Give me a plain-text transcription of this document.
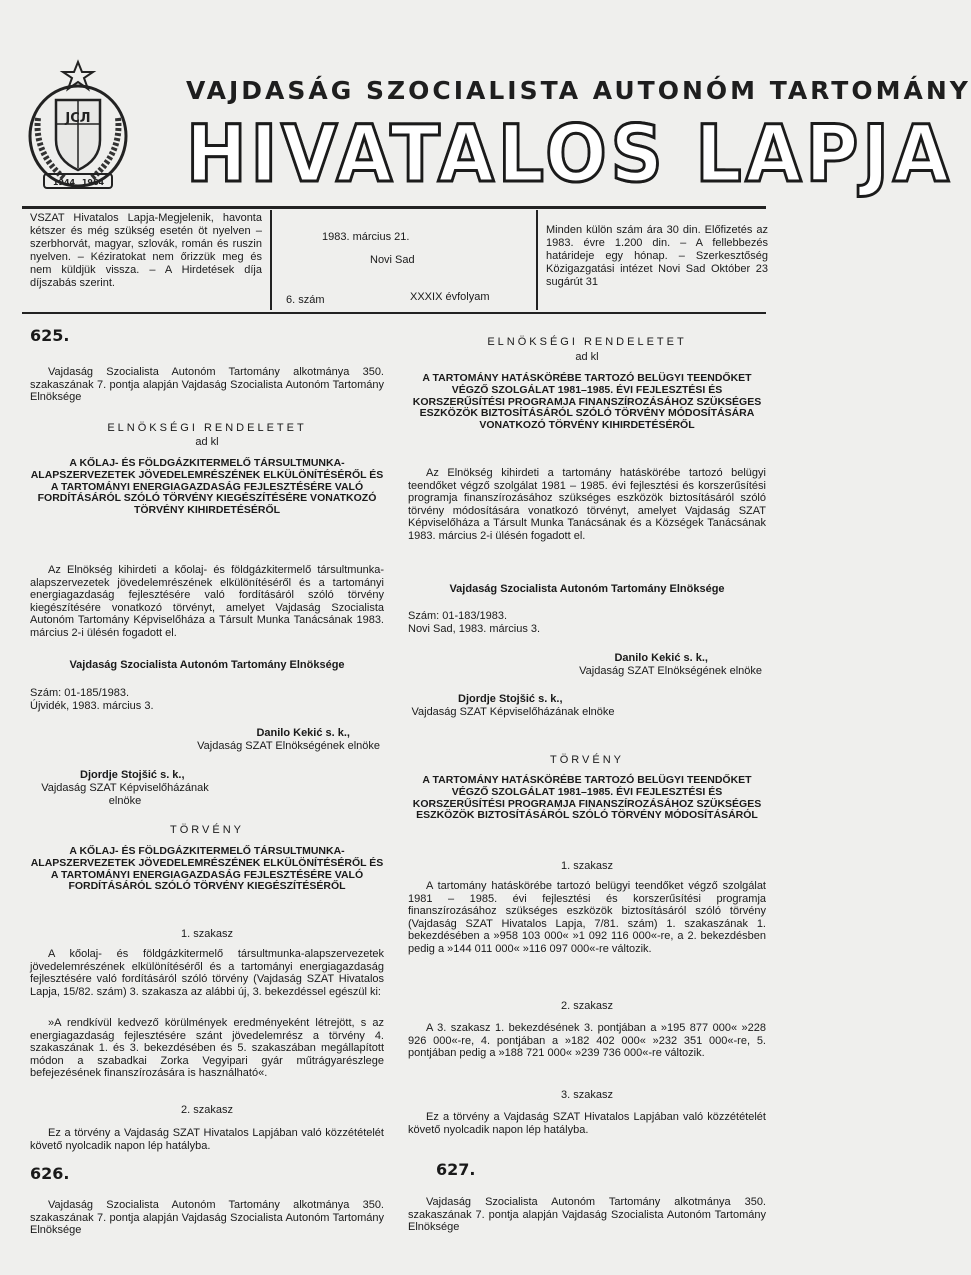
1944 1964
ЈСЛ
VAJDASÁG SZOCIALISTA AUTONÓM TARTOMÁNY
HIVATALOS LAPJA
VSZAT Hivatalos Lapja-Megjelenik, havonta kétszer és még szükség esetén öt nyelven – szerbhorvát, magyar, szlovák, román és ruszin nyelven. – Kéziratokat nem őrizzük meg és nem küldjük vissza. – A Hirdetések díja díjszabás szerint.
1983. március 21.
Novi Sad
6. szám	XXXIX évfolyam
Minden külön szám ára 30 din. Előfizetés az 1983. évre 1.200 din. – A fellebbezés határideje egy hónap. – Szerkesztőség Közigazgatási intézet Novi Sad Október 23 sugárút 31
625.
Vajdaság Szocialista Autonóm Tartomány alkotmánya 350. szakaszának 7. pontja alapján Vajdaság Szocialista Autonóm Tartomány Elnöksége
ELNÖKSÉGI RENDELETET
ad kl
A KŐLAJ- ÉS FÖLDGÁZKITERMELŐ TÁRSULTMUNKA-ALAPSZERVEZETEK JÖVEDELEMRÉSZÉNEK ELKÜLÖNÍTÉSÉRŐL ÉS A TARTOMÁNYI ENERGIAGAZDASÁG FEJLESZTÉSÉRE VALÓ FORDÍTÁSÁRÓL SZÓLÓ TÖRVÉNY KIEGÉSZÍTÉSÉRE VONATKOZÓ TÖRVÉNY KIHIRDETÉSÉRŐL
Az Elnökség kihirdeti a kőolaj- és földgázkitermelő társultmunka-alapszervezetek jövedelemrészének elkülönítéséről és a tartományi energiagazdaság fejlesztésére való fordításáról szóló törvény kiegészítésére vonatkozó törvényt, amelyet Vajdaság Szocialista Autonóm Tartomány Képviselőháza a Társult Munka Tanácsának 1983. március 2-i ülésén fogadott el.
Vajdaság Szocialista Autonóm Tartomány Elnöksége
Szám: 01-185/1983.
Újvidék, 1983. március 3.
Danilo Kekić s. k.,
Vajdaság SZAT Elnökségének elnöke
Djordje Stojšić s. k.,
Vajdaság SZAT Képviselőházának elnöke
TÖRVÉNY
A KŐLAJ- ÉS FÖLDGÁZKITERMELŐ TÁRSULTMUNKA-ALAPSZERVEZETEK JÖVEDELEMRÉSZÉNEK ELKÜLÖNÍTÉSÉRŐL ÉS A TARTOMÁNYI ENERGIAGAZDASÁG FEJLESZTÉSÉRE VALÓ FORDÍTÁSÁRÓL SZÓLÓ TÖRVÉNY KIEGÉSZÍTÉSÉRŐL
1. szakasz
A kőolaj- és földgázkitermelő társultmunka-alapszervezetek jövedelemrészének elkülönítéséről és a tartományi energiagazdaság fejlesztésére való fordításáról szóló törvény (Vajdaság SZAT Hivatalos Lapja, 15/82. szám) 3. szakasza az alábbi új, 3. bekezdéssel egészül ki:
»A rendkívül kedvező körülmények eredményeként létrejött, s az energiagazdaság fejlesztésére szánt jövedelemrész a törvény 4. szakaszának 1. és 3. bekezdésében és 5. szakaszában megállapított módon a szabadkai Zorka Vegyipari gyár műtrágyarészlege befejezésének finanszírozására is használható«.
2. szakasz
Ez a törvény a Vajdaság SZAT Hivatalos Lapjában való közzétételét követő nyolcadik napon lép hatályba.
626.
Vajdaság Szocialista Autonóm Tartomány alkotmánya 350. szakaszának 7. pontja alapján Vajdaság Szocialista Autonóm Tartomány Elnöksége
ELNÖKSÉGI RENDELETET
ad kl
A TARTOMÁNY HATÁSKÖRÉBE TARTOZÓ BELÜGYI TEENDŐKET VÉGZŐ SZOLGÁLAT 1981–1985. ÉVI FEJLESZTÉSI ÉS KORSZERŰSÍTÉSI PROGRAMJA FINANSZÍROZÁSÁHOZ SZÜKSÉGES ESZKÖZÖK BIZTOSÍTÁSÁRÓL SZÓLÓ TÖRVÉNY MÓDOSÍTÁSÁRA VONATKOZÓ TÖRVÉNY KIHIRDETÉSÉRŐL
Az Elnökség kihirdeti a tartomány hatáskörébe tartozó belügyi teendőket végző szolgálat 1981 – 1985. évi fejlesztési és korszerűsítési programja finanszírozásához szükséges eszközök biztosításáról szóló törvény módosítására vonatkozó törvényt, amelyet Vajdaság SZAT Képviselőháza a Társult Munka Tanácsának és a Községek Tanácsának 1983. március 2-i ülésén fogadott el.
Vajdaság Szocialista Autonóm Tartomány Elnöksége
Szám: 01-183/1983.
Novi Sad, 1983. március 3.
Danilo Kekić s. k.,
Vajdaság SZAT Elnökségének elnöke
Djordje Stojšić s. k.,
Vajdaság SZAT Képviselőházának elnöke
TÖRVÉNY
A TARTOMÁNY HATÁSKÖRÉBE TARTOZÓ BELÜGYI TEENDŐKET VÉGZŐ SZOLGÁLAT 1981–1985. ÉVI FEJLESZTÉSI ÉS KORSZERŰSÍTÉSI PROGRAMJA FINANSZÍROZÁSÁHOZ SZÜKSÉGES ESZKÖZÖK BIZTOSÍTÁSÁRÓL SZÓLÓ TÖRVÉNY MÓDOSÍTÁSÁRÓL
1. szakasz
A tartomány hatáskörébe tartozó belügyi teendőket végző szolgálat 1981 – 1985. évi fejlesztési és korszerűsítési programja finanszírozásához szükséges eszközök biztosításáról szóló törvény (Vajdaság SZAT Hivatalos Lapja, 7/81. szám) 1. szakaszának 1. bekezdésében a »958 103 000« »1 092 116 000«-re, a 2. bekezdésben pedig a »144 011 000« »116 097 000«-re változik.
2. szakasz
A 3. szakasz 1. bekezdésének 3. pontjában a »195 877 000« »228 926 000«-re, 4. pontjában a »182 402 000« »232 351 000«-re, 5. pontjában pedig a »188 721 000« »239 736 000«-re változik.
3. szakasz
Ez a törvény a Vajdaság SZAT Hivatalos Lapjában való közzétételét követő nyolcadik napon lép hatályba.
627.
Vajdaság Szocialista Autonóm Tartomány alkotmánya 350. szakaszának 7. pontja alapján Vajdaság Szocialista Autonóm Tartomány Elnöksége
